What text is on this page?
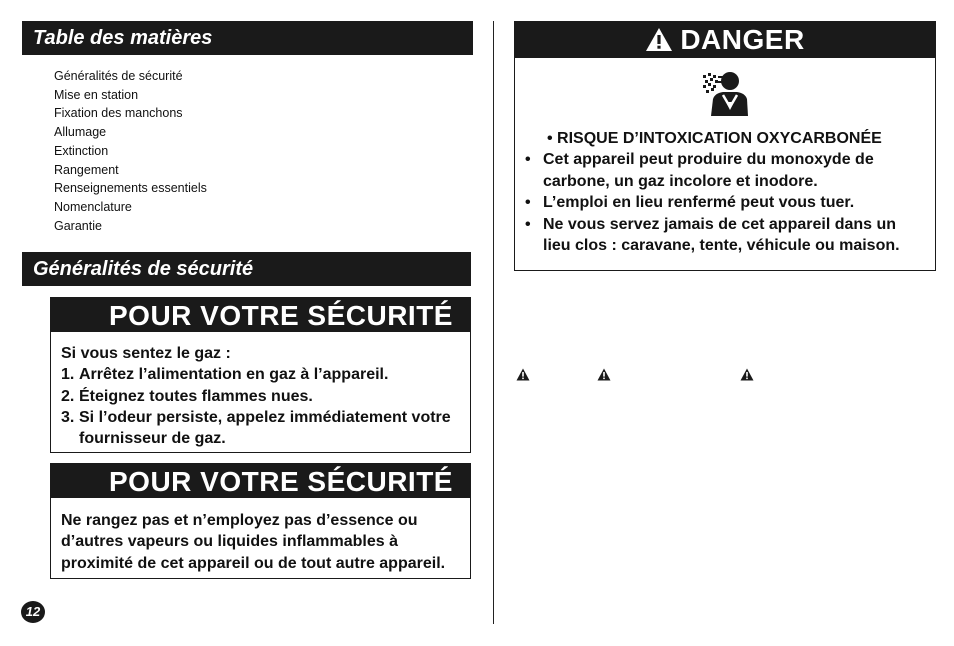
Table des matières
Généralités de sécurité
Mise en station
Fixation des manchons
Allumage
Extinction
Rangement
Renseignements essentiels
Nomenclature
Garantie
Généralités de sécurité
POUR VOTRE SÉCURITÉ
Si vous sentez le gaz :
1. Arrêtez l’alimentation en gaz à l’appareil.
2. Éteignez toutes flammes nues.
3. Si l’odeur persiste, appelez immédiatement votre fournisseur de gaz.
POUR VOTRE SÉCURITÉ
Ne rangez pas et n’employez pas d’essence ou d’autres vapeurs ou liquides inflammables à proximité de cet appareil ou de tout autre appareil.
12
DANGER
• RISQUE D’INTOXICATION OXYCARBONÉE
• Cet appareil peut produire du monoxyde de carbone, un gaz incolore et inodore.
• L’emploi en lieu renfermé peut vous tuer.
• Ne vous servez jamais de cet appareil dans un lieu clos : caravane, tente, véhicule ou maison.
